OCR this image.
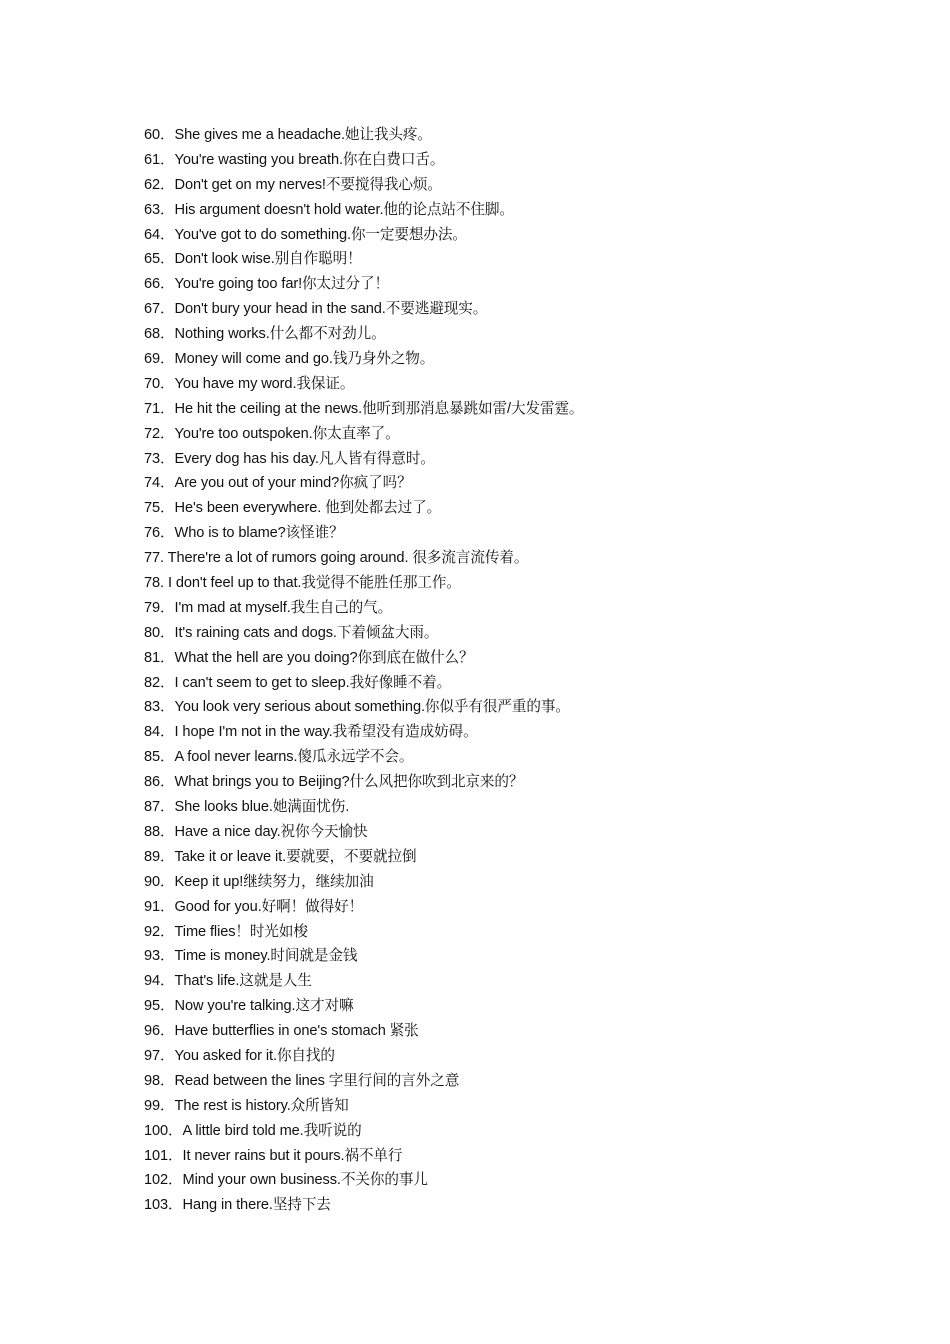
60．She gives me a headache.她让我头疼。
61．You're wasting you breath.你在白费口舌。
62．Don't get on my nerves!不要搅得我心烦。
63．His argument doesn't hold water.他的论点站不住脚。
64．You've got to do something.你一定要想办法。
65．Don't look wise.别自作聪明！
66．You're going too far!你太过分了！
67．Don't bury your head in the sand.不要逃避现实。
68．Nothing works.什么都不对劲儿。
69．Money will come and go.钱乃身外之物。
70．You have my word.我保证。
71．He hit the ceiling at the news.他听到那消息暴跳如雷/大发雷霆。
72．You're too outspoken.你太直率了。
73．Every dog has his day.凡人皆有得意时。
74．Are you out of your mind?你疯了吗？
75．He's been everywhere. 他到处都去过了。
76．Who is to blame?该怪谁？
77. There're a lot of rumors going around. 很多流言流传着。
78. I don't feel up to that.我觉得不能胜任那工作。
79．I'm mad at myself.我生自己的气。
80．It's raining cats and dogs.下着倾盆大雨。
81．What the hell are you doing?你到底在做什么？
82．I can't seem to get to sleep.我好像睡不着。
83．You look very serious about something.你似乎有很严重的事。
84．I hope I'm not in the way.我希望没有造成妨碍。
85．A fool never learns.傻瓜永远学不会。
86．What brings you to Beijing?什么风把你吹到北京来的？
87．She looks blue.她满面忧伤.
88．Have a nice day.祝你今天愉快
89．Take it or leave it.要就要，不要就拉倒
90．Keep it up!继续努力，继续加油
91．Good for you.好啊！做得好！
92．Time flies！时光如梭
93．Time is money.时间就是金钱
94．That's life.这就是人生
95．Now you're talking.这才对嘛
96．Have butterflies in one's stomach 紧张
97．You asked for it.你自找的
98．Read between the lines 字里行间的言外之意
99．The rest is history.众所皆知
100．A little bird told me.我听说的
101．It never rains but it pours.祸不单行
102．Mind your own business.不关你的事儿
103．Hang in there.坚持下去
